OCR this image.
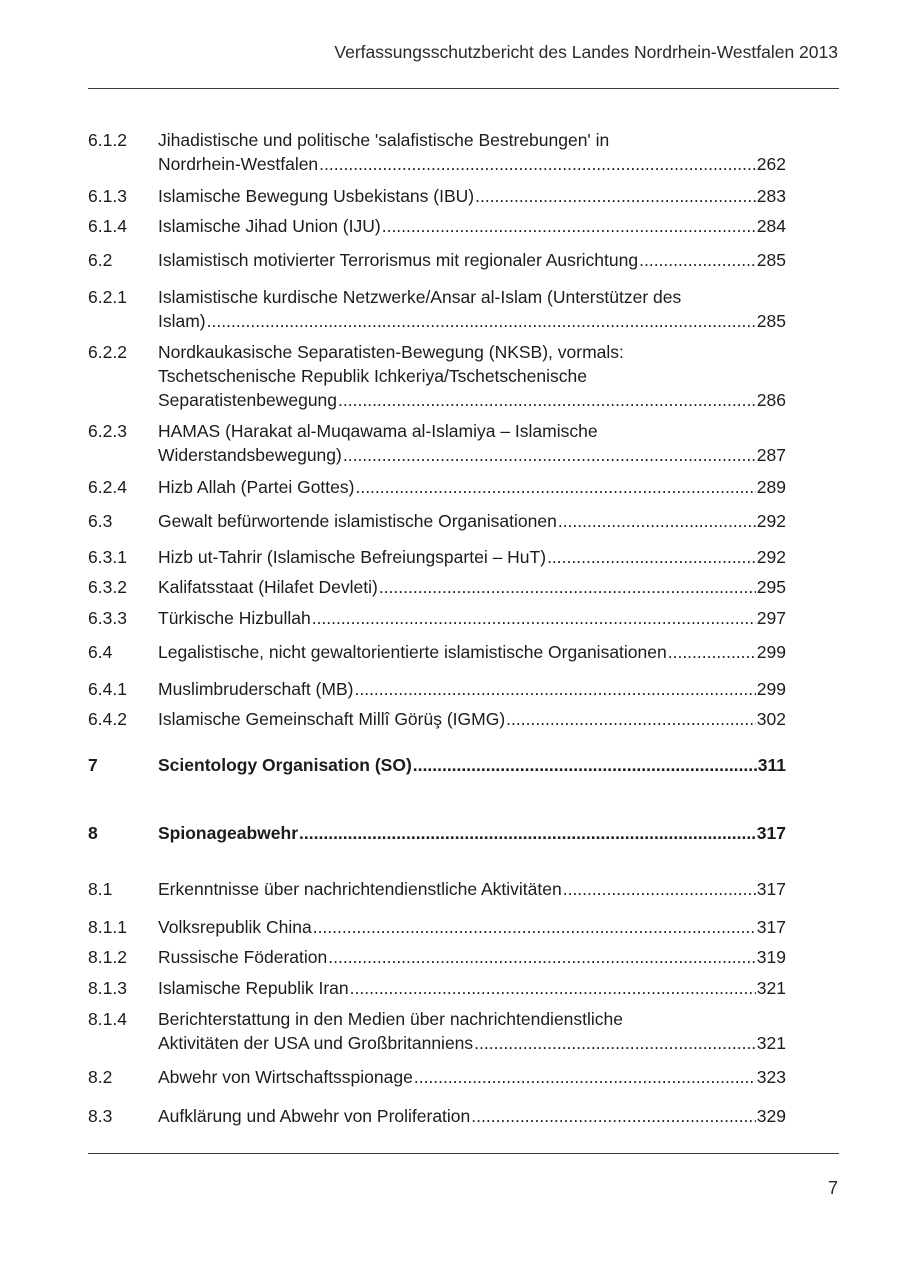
Verfassungsschutzbericht des Landes Nordrhein-Westfalen 2013
6.1.2 Jihadistische und politische 'salafistische Bestrebungen' in
Nordrhein-Westfalen .....	262
6.1.3 Islamische Bewegung Usbekistans (IBU) .....	283
6.1.4 Islamische Jihad Union (IJU) .....	284
6.2	Islamistisch motivierter Terrorismus mit regionaler Ausrichtung .....	285
6.2.1 Islamistische kurdische Netzwerke/Ansar al-Islam (Unterstützer des
Islam) .....	285
6.2.2 Nordkaukasische Separatisten-Bewegung (NKSB), vormals:
Tschetschenische Republik Ichkeriya/Tschetschenische
Separatistenbewegung .....	286
6.2.3 HAMAS (Harakat al-Muqawama al-Islamiya – Islamische
Widerstandsbewegung) .....	287
6.2.4 Hizb Allah (Partei Gottes) .....	289
6.3	Gewalt befürwortende islamistische Organisationen .....	292
6.3.1 Hizb ut-Tahrir (Islamische Befreiungspartei – HuT) .....	292
6.3.2 Kalifatsstaat (Hilafet Devleti) .....	295
6.3.3 Türkische Hizbullah .....	297
6.4	Legalistische, nicht gewaltorientierte islamistische Organisationen .....	299
6.4.1 Muslimbruderschaft (MB) .....	299
6.4.2 Islamische Gemeinschaft Millî Görüş (IGMG) .....	302
7	Scientology Organisation (SO) .....	311
8	Spionageabwehr .....	317
8.1	Erkenntnisse über nachrichtendienstliche Aktivitäten .....	317
8.1.1 Volksrepublik China .....	317
8.1.2 Russische Föderation .....	319
8.1.3 Islamische Republik Iran .....	321
8.1.4 Berichterstattung in den Medien über nachrichtendienstliche
Aktivitäten der USA und Großbritanniens .....	321
8.2	Abwehr von Wirtschaftsspionage .....	323
8.3	Aufklärung und Abwehr von Proliferation .....	329
7
